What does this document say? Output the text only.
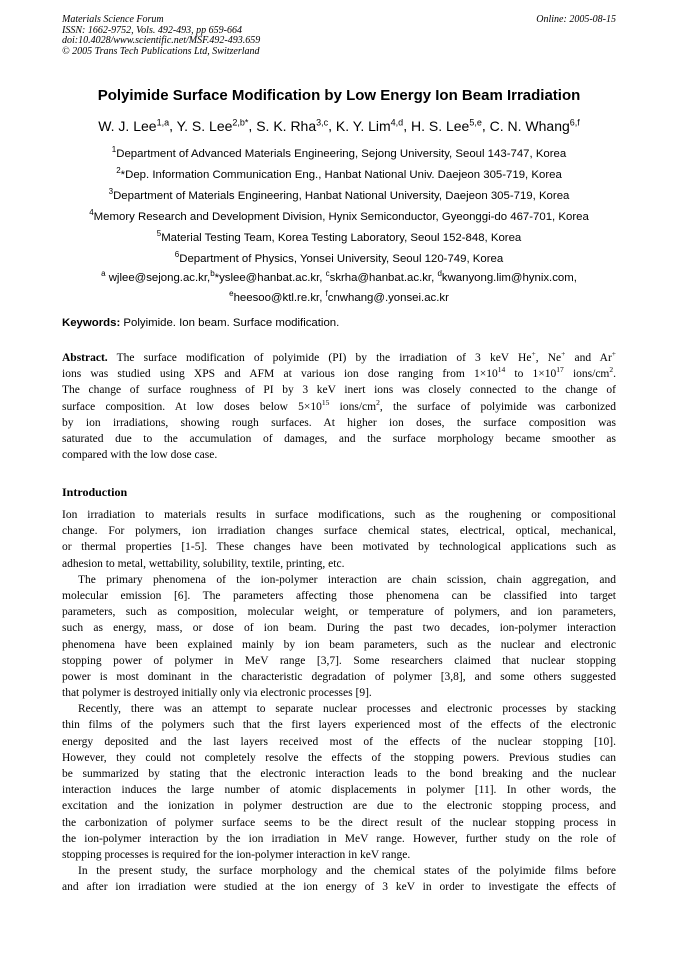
Materials Science Forum
ISSN: 1662-9752, Vols. 492-493, pp 659-664
doi:10.4028/www.scientific.net/MSF.492-493.659
© 2005 Trans Tech Publications Ltd, Switzerland
Online: 2005-08-15
Polyimide Surface Modification by Low Energy Ion Beam Irradiation
W. J. Lee$^{1,a}$, Y. S. Lee$^{2,b*}$, S. K. Rha$^{3,c}$, K. Y. Lim$^{4,d}$, H. S. Lee$^{5,e}$, C. N. Whang$^{6,f}$
$^1$Department of Advanced Materials Engineering, Sejong University, Seoul 143-747, Korea
$^2$*Dep. Information Communication Eng., Hanbat National Univ. Daejeon 305-719, Korea
$^3$Department of Materials Engineering, Hanbat National University, Daejeon 305-719, Korea
$^4$Memory Research and Development Division, Hynix Semiconductor, Gyeonggi-do 467-701, Korea
$^5$Material Testing Team, Korea Testing Laboratory, Seoul 152-848, Korea
$^6$Department of Physics, Yonsei University, Seoul 120-749, Korea
$^a$ wjlee@sejong.ac.kr,$^b$*yslee@hanbat.ac.kr, $^c$skrha@hanbat.ac.kr, $^d$kwanyong.lim@hynix.com,
$^e$heesoo@ktl.re.kr, $^f$cnwhang@.yonsei.ac.kr
Keywords: Polyimide. Ion beam. Surface modification.
Abstract. The surface modification of polyimide (PI) by the irradiation of 3 keV He+, Ne+ and Ar+
ions was studied using XPS and AFM at various ion dose ranging from $1\times 10^{14}$ to $1\times 10^{17}$ ions/$cm^2$.
The change of surface roughness of PI by 3 keV inert ions was closely connected to the change of
surface composition. At low doses below $5\times 10^{15}$ ions/$cm^2$, the surface of polyimide was carbonized
by ion irradiations, showing rough surfaces. At higher ion doses, the surface composition was
saturated due to the accumulation of damages, and the surface morphology became smoother as
compared with the low dose case.
Introduction
Ion irradiation to materials results in surface modifications, such as the roughening or compositional
change. For polymers, ion irradiation changes surface chemical states, electrical, optical, mechanical,
or thermal properties [1-5]. These changes have been motivated by technological applications such as
adhesion to metal, wettability, solubility, textile, printing, etc.
The primary phenomena of the ion-polymer interaction are chain scission, chain aggregation, and
molecular emission [6]. The parameters affecting those phenomena can be classified into target
parameters, such as composition, molecular weight, or temperature of polymers, and ion parameters,
such as energy, mass, or dose of ion beam. During the past two decades, ion-polymer interaction
phenomena have been explained mainly by ion beam parameters, such as the nuclear and electronic
stopping power of polymer in MeV range [3,7]. Some researchers claimed that nuclear stopping
power is most dominant in the characteristic degradation of polymer [3,8], and some others suggested
that polymer is destroyed initially only via electronic processes [9].
Recently, there was an attempt to separate nuclear processes and electronic processes by stacking
thin films of the polymers such that the first layers experienced most of the effects of the electronic
energy deposited and the last layers received most of the effects of the nuclear stopping [10].
However, they could not completely resolve the effects of the stopping powers. Previous studies can
be summarized by stating that the electronic interaction leads to the bond breaking and the nuclear
interaction induces the large number of atomic displacements in polymer [11]. In other words, the
excitation and the ionization in polymer destruction are due to the electronic stopping process, and
the carbonization of polymer surface seems to be the direct result of the nuclear stopping process in
the ion-polymer interaction by the ion irradiation in MeV range. However, further study on the role of
stopping processes is required for the ion-polymer interaction in keV range.
In the present study, the surface morphology and the chemical states of the polyimide films before
and after ion irradiation were studied at the ion energy of 3 keV in order to investigate the effects of
